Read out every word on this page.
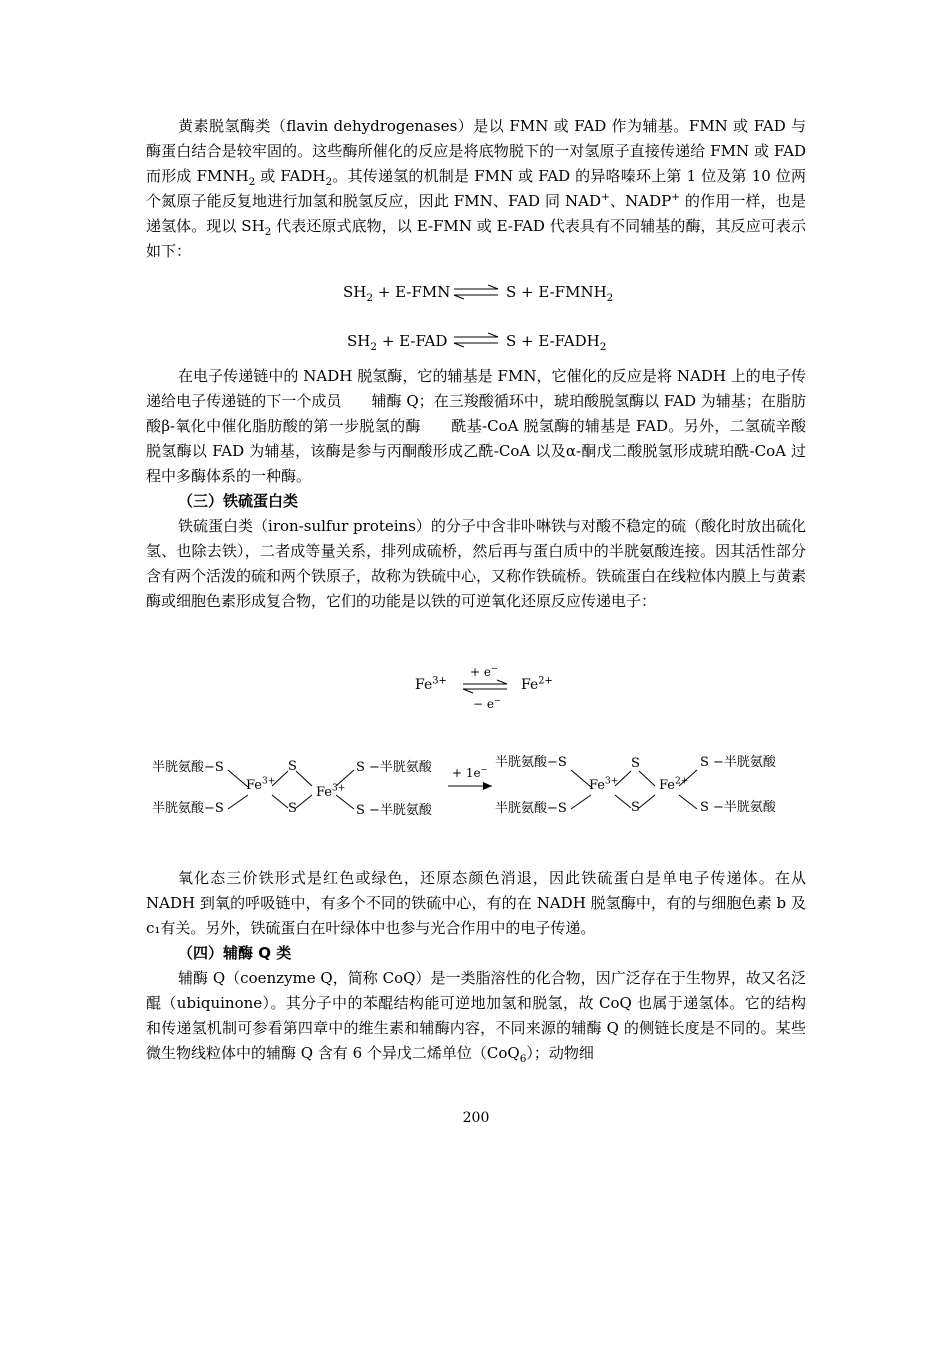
黄素脱氢酶类（flavin dehydrogenases）是以 FMN 或 FAD 作为辅基。FMN 或 FAD 与酶蛋白结合是较牢固的。这些酶所催化的反应是将底物脱下的一对氢原子直接传递给 FMN 或 FAD 而形成 $FMNH_2$ 或 $FADH_2$。其传递氢的机制是 FMN 或 FAD 的异咯嗪环上第 1 位及第 10 位两个氮原子能反复地进行加氢和脱氢反应，因此 FMN、FAD 同 NAD+、NADP+ 的作用一样，也是递氢体。现以 $SH_2$ 代表还原式底物，以 E-FMN 或 E-FAD 代表具有不同辅基的酶，其反应可表示如下：

$SH_2 + E-FMN$ ⇌ $S + E-FMNH_2$
$SH_2 + E-FAD$ ⇌ $S + E-FADH_2$

在电子传递链中的 NADH 脱氢酶，它的辅基是 FMN，它催化的反应是将 NADH 上的电子传递给电子传递链的下一个成员　　辅酶 Q；在三羧酸循环中，琥珀酸脱氢酶以 FAD 为辅基；在脂肪酸β-氧化中催化脂肪酸的第一步脱氢的酶　　酰基-CoA 脱氢酶的辅基是 FAD。另外，二氢硫辛酸脱氢酶以 FAD 为辅基，该酶是参与丙酮酸形成乙酰-CoA 以及α-酮戊二酸脱氢形成琥珀酰-CoA 过程中多酶体系的一种酶。

（三）铁硫蛋白类

铁硫蛋白类（iron-sulfur proteins）的分子中含非卟啉铁与对酸不稳定的硫（酸化时放出硫化氢、也除去铁），二者成等量关系，排列成硫桥，然后再与蛋白质中的半胱氨酸连接。因其活性部分含有两个活泼的硫和两个铁原子，故称为铁硫中心，又称作铁硫桥。铁硫蛋白在线粒体内膜上与黄素酶或细胞色素形成复合物，它们的功能是以铁的可逆氧化还原反应传递电子：

$Fe^{3+}$
+ e−
− e−
$Fe^{2+}$
半胱氨酸−S
半胱氨酸−S
$Fe^{3+}$
S
S
$Fe^{3+}$
S −半胱氨酸
S −半胱氨酸
+ 1e− 半胱氨酸−S
半胱氨酸−S
$Fe^{3+}$
S
S
$Fe^{2+}$
S −半胱氨酸
S −半胱氨酸

氧化态三价铁形式是红色或绿色，还原态颜色消退，因此铁硫蛋白是单电子传递体。在从 NADH 到氧的呼吸链中，有多个不同的铁硫中心，有的在 NADH 脱氢酶中，有的与细胞色素 b 及 c₁有关。另外，铁硫蛋白在叶绿体中也参与光合作用中的电子传递。

（四）辅酶 Q 类

辅酶 Q（coenzyme Q，简称 CoQ）是一类脂溶性的化合物，因广泛存在于生物界，故又名泛醌（ubiquinone）。其分子中的苯醌结构能可逆地加氢和脱氢，故 CoQ 也属于递氢体。它的结构和传递氢机制可参看第四章中的维生素和辅酶内容，不同来源的辅酶 Q 的侧链长度是不同的。某些微生物线粒体中的辅酶 Q 含有 6 个异戊二烯单位（CoQ$_6$）；动物细

200
